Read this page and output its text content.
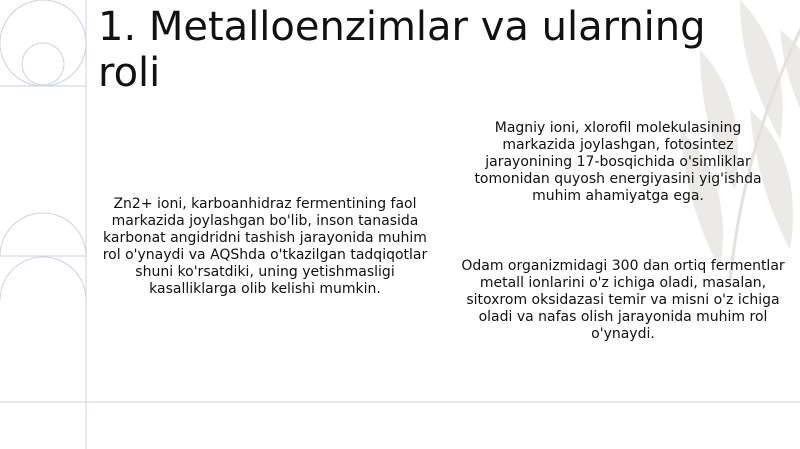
1. Metalloenzimlar va ularning roli

Zn2+ ioni, karboanhidraz fermentining faol markazida joylashgan bo'lib, inson tanasida karbonat angidridni tashish jarayonida muhim rol o'ynaydi va AQShda o'tkazilgan tadqiqotlar shuni ko'rsatdiki, uning yetishmasligi kasalliklarga olib kelishi mumkin.

Magniy ioni, xlorofil molekulasining markazida joylashgan, fotosintez jarayonining 17-bosqichida o'simliklar tomonidan quyosh energiyasini yig'ishda muhim ahamiyatga ega.

Odam organizmidagi 300 dan ortiq fermentlar metall ionlarini o'z ichiga oladi, masalan, sitoxrom oksidazasi temir va misni o'z ichiga oladi va nafas olish jarayonida muhim rol o'ynaydi.
